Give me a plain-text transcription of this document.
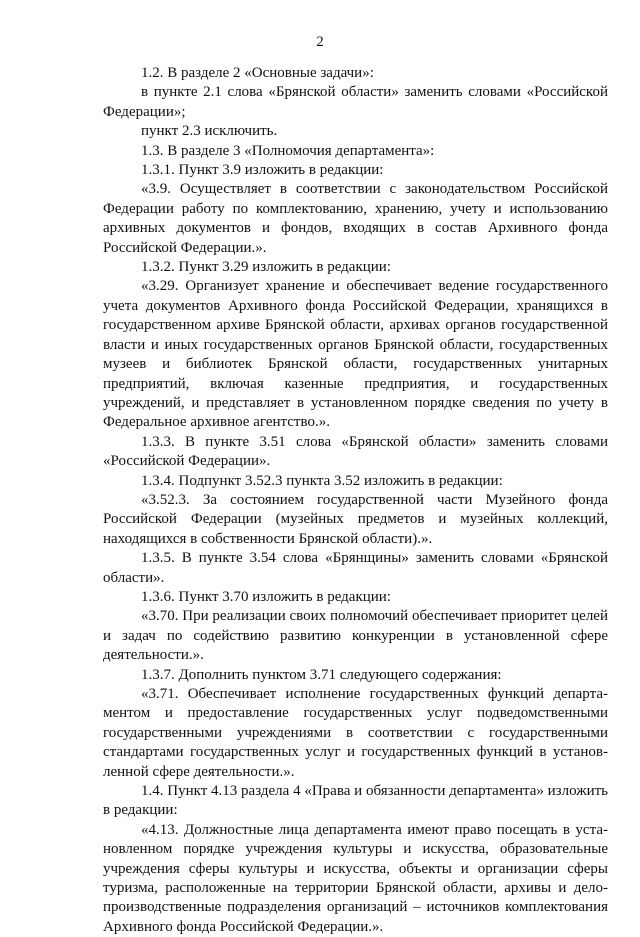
2

1.2. В разделе 2 «Основные задачи»:

в пункте 2.1 слова «Брянской области» заменить словами «Российской Федерации»;

пункт 2.3 исключить.

1.3. В разделе 3 «Полномочия департамента»:

1.3.1. Пункт 3.9 изложить в редакции:

«3.9. Осуществляет в соответствии с законодательством Российской Федерации работу по комплектованию, хранению, учету и использованию архивных документов и фондов, входящих в состав Архивного фонда Российской Федерации.».

1.3.2. Пункт 3.29 изложить в редакции:

«3.29. Организует хранение и обеспечивает ведение государственного учета документов Архивного фонда Российской Федерации, хранящихся в государственном архиве Брянской области, архивах органов государственной власти и иных государственных органов Брянской области, государственных музеев и библиотек Брянской области, государственных унитарных предприятий, включая казенные предприятия, и государственных учреждений, и представляет в установленном порядке сведения по учету в Федеральное архивное агентство.».

1.3.3. В пункте 3.51 слова «Брянской области» заменить словами «Российской Федерации».

1.3.4. Подпункт 3.52.3 пункта 3.52 изложить в редакции:

«3.52.3. За состоянием государственной части Музейного фонда Российской Федерации (музейных предметов и музейных коллекций, находящихся в собственности Брянской области).».

1.3.5. В пункте 3.54 слова «Брянщины» заменить словами «Брянской области».

1.3.6. Пункт 3.70 изложить в редакции:

«3.70. При реализации своих полномочий обеспечивает приоритет целей и задач по содействию развитию конкуренции в установленной сфере деятельности.».

1.3.7. Дополнить пунктом 3.71 следующего содержания:

«3.71. Обеспечивает исполнение государственных функций департаментом и предоставление государственных услуг подведомственными государственными учреждениями в соответствии с государственными стандартами государственных услуг и государственных функций в установленной сфере деятельности.».

1.4. Пункт 4.13 раздела 4 «Права и обязанности департамента» изложить в редакции:

«4.13. Должностные лица департамента имеют право посещать в установленном порядке учреждения культуры и искусства, образовательные учреждения сферы культуры и искусства, объекты и организации сферы туризма, расположенные на территории Брянской области, архивы и делопроизводственные подразделения организаций – источников комплектования Архивного фонда Российской Федерации.».
